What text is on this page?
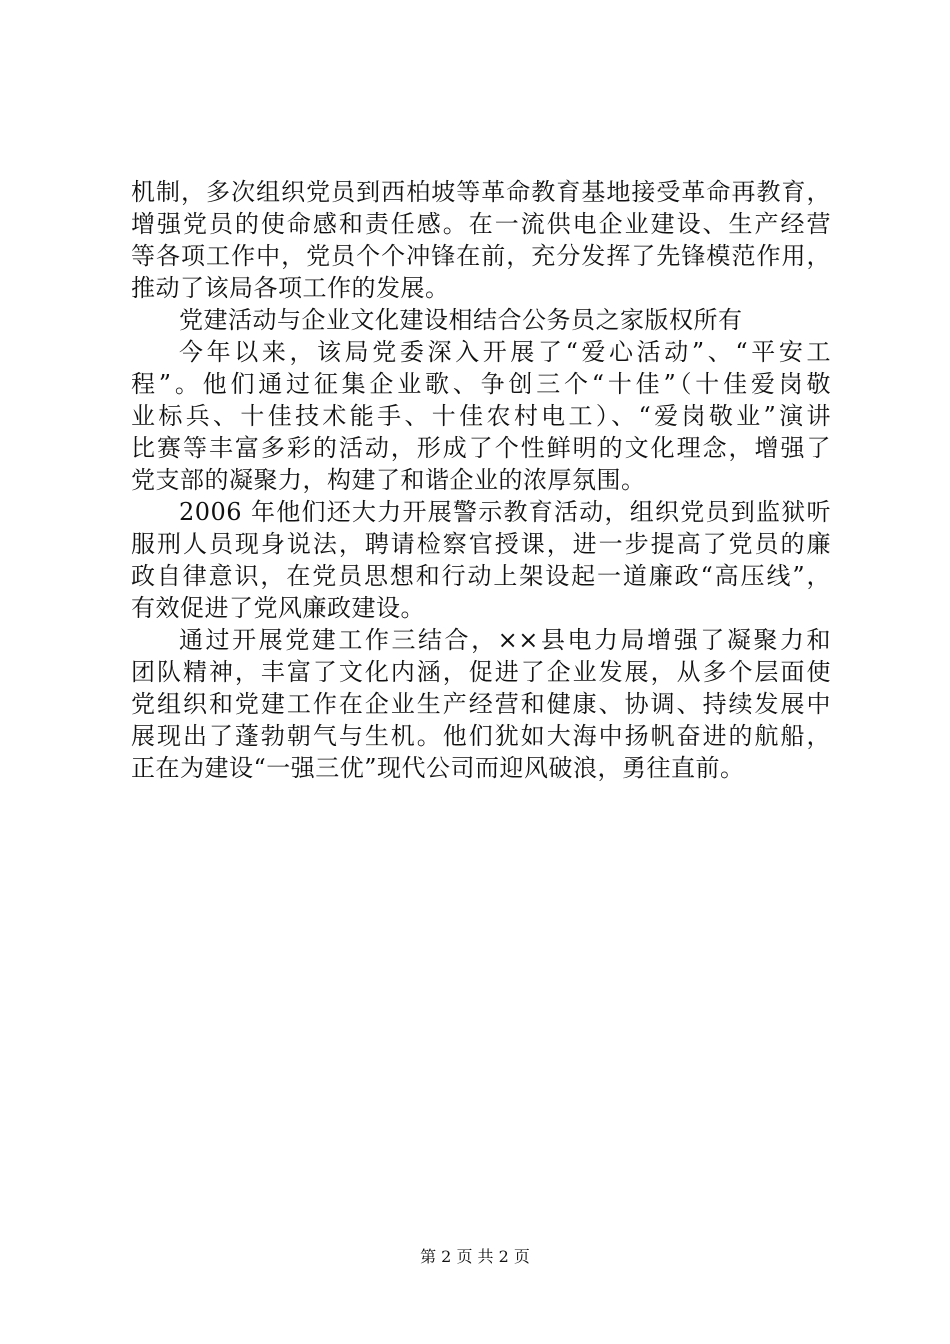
机制，多次组织党员到西柏坡等革命教育基地接受革命再教育，
增强党员的使命感和责任感。在一流供电企业建设、生产经营
等各项工作中，党员个个冲锋在前，充分发挥了先锋模范作用，
推动了该局各项工作的发展。
党建活动与企业文化建设相结合公务员之家版权所有
今年以来，该局党委深入开展了“爱心活动”、“平安工
程”。他们通过征集企业歌、争创三个“十佳”（十佳爱岗敬
业标兵、十佳技术能手、十佳农村电工）、“爱岗敬业”演讲
比赛等丰富多彩的活动，形成了个性鲜明的文化理念，增强了
党支部的凝聚力，构建了和谐企业的浓厚氛围。
2006 年他们还大力开展警示教育活动，组织党员到监狱听
服刑人员现身说法，聘请检察官授课，进一步提高了党员的廉
政自律意识，在党员思想和行动上架设起一道廉政“高压线”，
有效促进了党风廉政建设。
通过开展党建工作三结合，××县电力局增强了凝聚力和
团队精神，丰富了文化内涵，促进了企业发展，从多个层面使
党组织和党建工作在企业生产经营和健康、协调、持续发展中
展现出了蓬勃朝气与生机。他们犹如大海中扬帆奋进的航船，
正在为建设“一强三优”现代公司而迎风破浪，勇往直前。
第 2 页 共 2 页
